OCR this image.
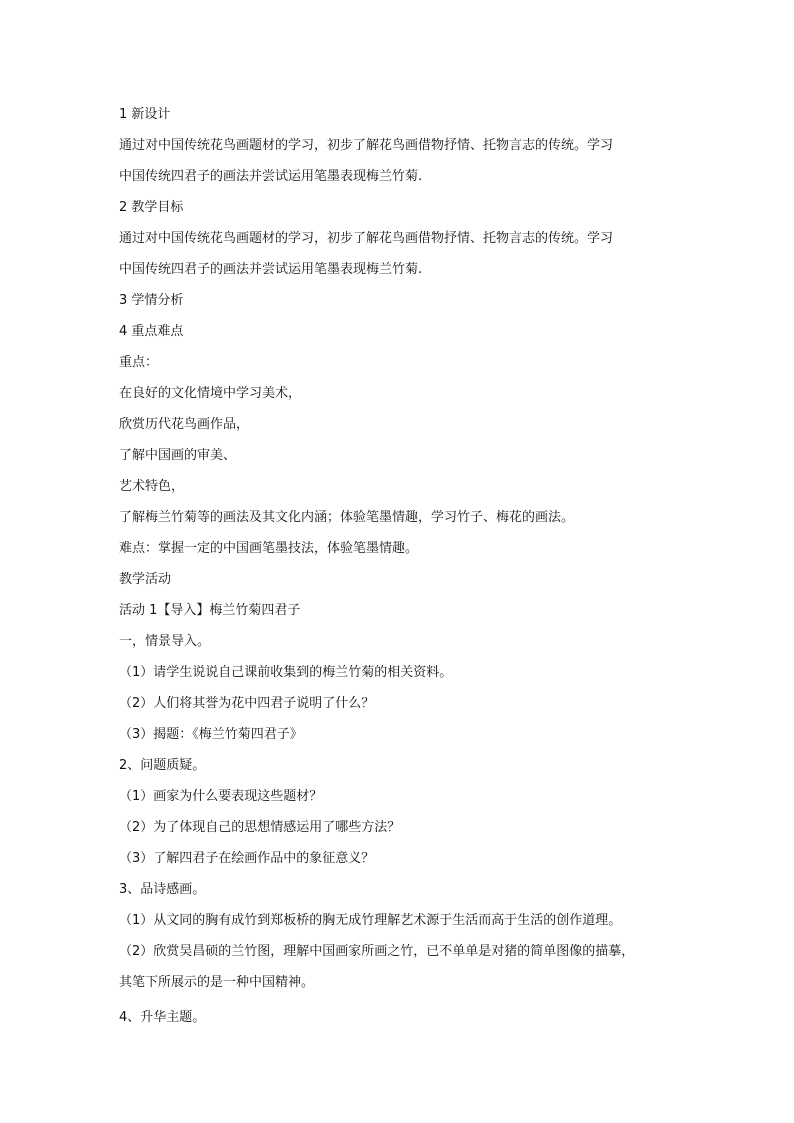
1 新设计
通过对中国传统花鸟画题材的学习，初步了解花鸟画借物抒情、托物言志的传统。学习
中国传统四君子的画法并尝试运用笔墨表现梅兰竹菊.
2 教学目标
通过对中国传统花鸟画题材的学习，初步了解花鸟画借物抒情、托物言志的传统。学习
中国传统四君子的画法并尝试运用笔墨表现梅兰竹菊.
3 学情分析
4 重点难点
重点：
在良好的文化情境中学习美术，
欣赏历代花鸟画作品，
了解中国画的审美、
艺术特色，
了解梅兰竹菊等的画法及其文化内涵；体验笔墨情趣，学习竹子、梅花的画法。
难点：掌握一定的中国画笔墨技法，体验笔墨情趣。
教学活动
活动 1【导入】梅兰竹菊四君子
一，情景导入。
（1）请学生说说自己课前收集到的梅兰竹菊的相关资料。
（2）人们将其誉为花中四君子说明了什么？
（3）揭题：《梅兰竹菊四君子》
2、问题质疑。
（1）画家为什么要表现这些题材？
（2）为了体现自己的思想情感运用了哪些方法？
（3）了解四君子在绘画作品中的象征意义？
3、品诗感画。
（1）从文同的胸有成竹到郑板桥的胸无成竹理解艺术源于生活而高于生活的创作道理。
（2）欣赏吴昌硕的兰竹图，理解中国画家所画之竹，已不单单是对猪的简单图像的描摹，
其笔下所展示的是一种中国精神。
4、升华主题。
